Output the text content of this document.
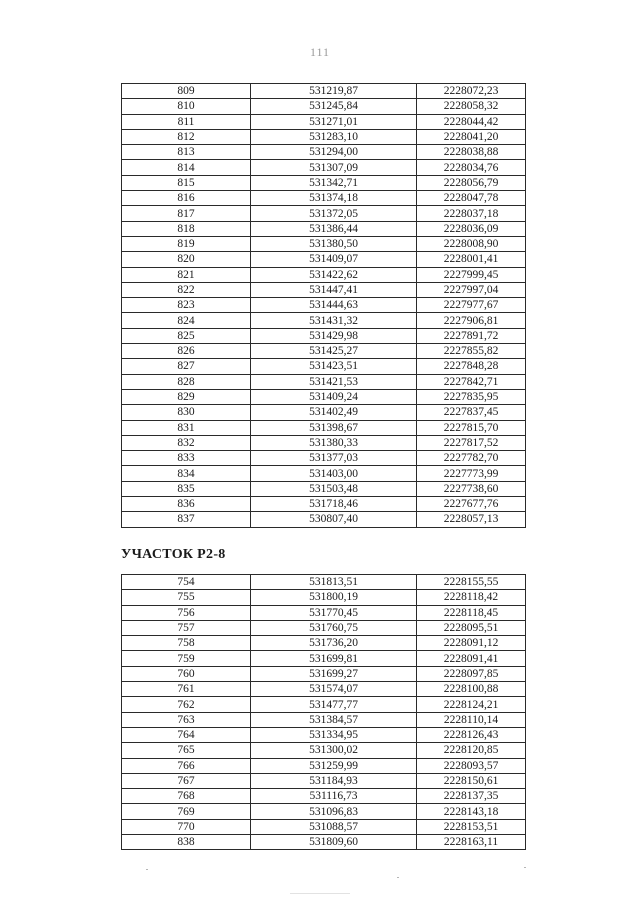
111
809	531219,87	2228072,23
810	531245,84	2228058,32
811	531271,01	2228044,42
812	531283,10	2228041,20
813	531294,00	2228038,88
814	531307,09	2228034,76
815	531342,71	2228056,79
816	531374,18	2228047,78
817	531372,05	2228037,18
818	531386,44	2228036,09
819	531380,50	2228008,90
820	531409,07	2228001,41
821	531422,62	2227999,45
822	531447,41	2227997,04
823	531444,63	2227977,67
824	531431,32	2227906,81
825	531429,98	2227891,72
826	531425,27	2227855,82
827	531423,51	2227848,28
828	531421,53	2227842,71
829	531409,24	2227835,95
830	531402,49	2227837,45
831	531398,67	2227815,70
832	531380,33	2227817,52
833	531377,03	2227782,70
834	531403,00	2227773,99
835	531503,48	2227738,60
836	531718,46	2227677,76
837	530807,40	2228057,13
УЧАСТОК Р2-8
754	531813,51	2228155,55
755	531800,19	2228118,42
756	531770,45	2228118,45
757	531760,75	2228095,51
758	531736,20	2228091,12
759	531699,81	2228091,41
760	531699,27	2228097,85
761	531574,07	2228100,88
762	531477,77	2228124,21
763	531384,57	2228110,14
764	531334,95	2228126,43
765	531300,02	2228120,85
766	531259,99	2228093,57
767	531184,93	2228150,61
768	531116,73	2228137,35
769	531096,83	2228143,18
770	531088,57	2228153,51
838	531809,60	2228163,11
